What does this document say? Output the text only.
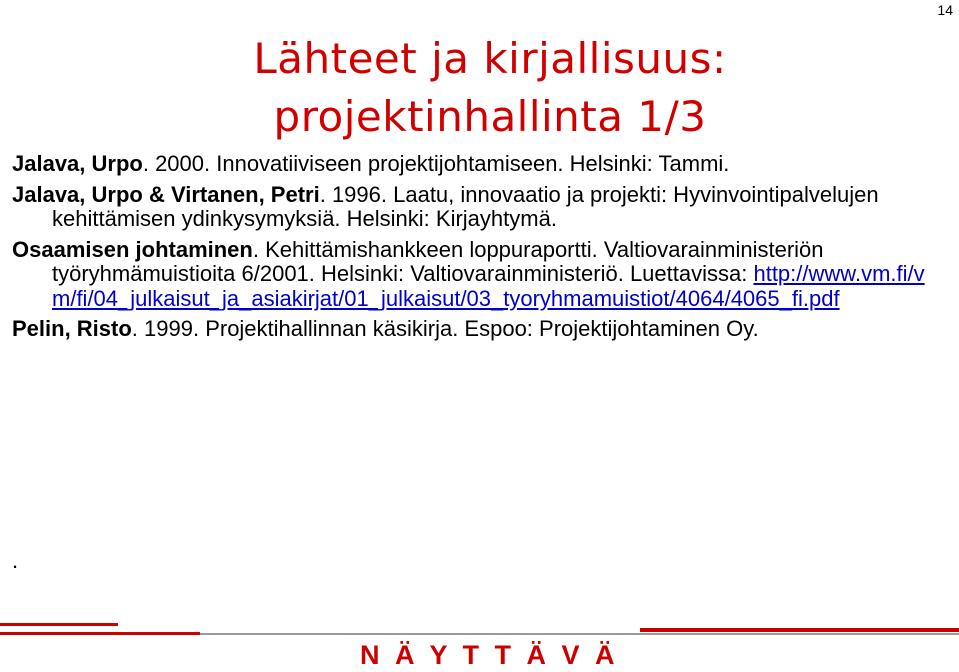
14
Lähteet ja kirjallisuus:
projektinhallinta 1/3

Jalava, Urpo. 2000. Innovatiiviseen projektijohtamiseen. Helsinki: Tammi.

Jalava, Urpo & Virtanen, Petri. 1996. Laatu, innovaatio ja projekti: Hyvinvointipalvelujen kehittämisen ydinkysymyksiä. Helsinki: Kirjayhtymä.

Osaamisen johtaminen. Kehittämishankkeen loppuraportti. Valtiovarainministeriön työryhmämuistioita 6/2001. Helsinki: Valtiovarainministeriö. Luettavissa: http://www.vm.fi/vm/fi/04_julkaisut_ja_asiakirjat/01_julkaisut/03_tyoryhmamuistiot/4064/4065_fi.pdf

Pelin, Risto. 1999. Projektihallinnan käsikirja. Espoo: Projektijohtaminen Oy.

.
N Ä Y T T Ä V Ä
